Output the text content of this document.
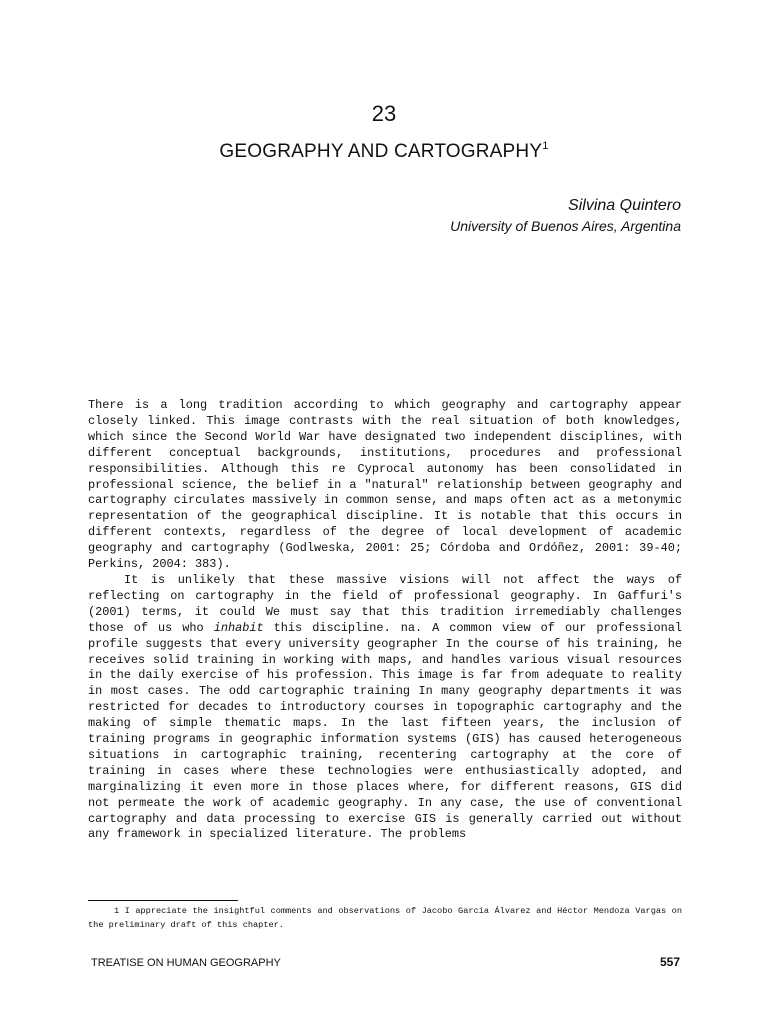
23
GEOGRAPHY AND CARTOGRAPHY$^1$
Silvina Quintero
University of Buenos Aires, Argentina

There is a long tradition according to which geography and cartography appear closely linked. This image contrasts with the real situation of both knowledges, which since the Second World War have designated two independent disciplines, with different conceptual backgrounds, institutions, procedures and professional responsibilities. Although this re Cyprocal autonomy has been consolidated in professional science, the belief in a "natural" relationship between geography and cartography circulates massively in common sense, and maps often act as a metonymic representation of the geographical discipline. It is notable that this occurs in different contexts, regardless of the degree of local development of academic geography and cartography (Godlweska, 2001: 25; Córdoba and Ordóñez, 2001: 39-40; Perkins, 2004: 383).

It is unlikely that these massive visions will not affect the ways of reflecting on cartography in the field of professional geography. In Gaffuri's (2001) terms, it could We must say that this tradition irremediably challenges those of us who inhabit this discipline. na. A common view of our professional profile suggests that every university geographer In the course of his training, he receives solid training in working with maps, and handles various visual resources in the daily exercise of his profession. This image is far from adequate to reality in most cases. The odd cartographic training In many geography departments it was restricted for decades to introductory courses in topographic cartography and the making of simple thematic maps. In the last fifteen years, the inclusion of training programs in geographic information systems (GIS) has caused heterogeneous situations in cartographic training, recentering cartography at the core of training in cases where these technologies were enthusiastically adopted, and marginalizing it even more in those places where, for different reasons, GIS did not permeate the work of academic geography. In any case, the use of conventional cartography and data processing to exercise GIS is generally carried out without any framework in specialized literature. The problems

1 I appreciate the insightful comments and observations of Jacobo García Álvarez and Héctor Mendoza Vargas on the preliminary draft of this chapter.
TREATISE ON HUMAN GEOGRAPHY	557
